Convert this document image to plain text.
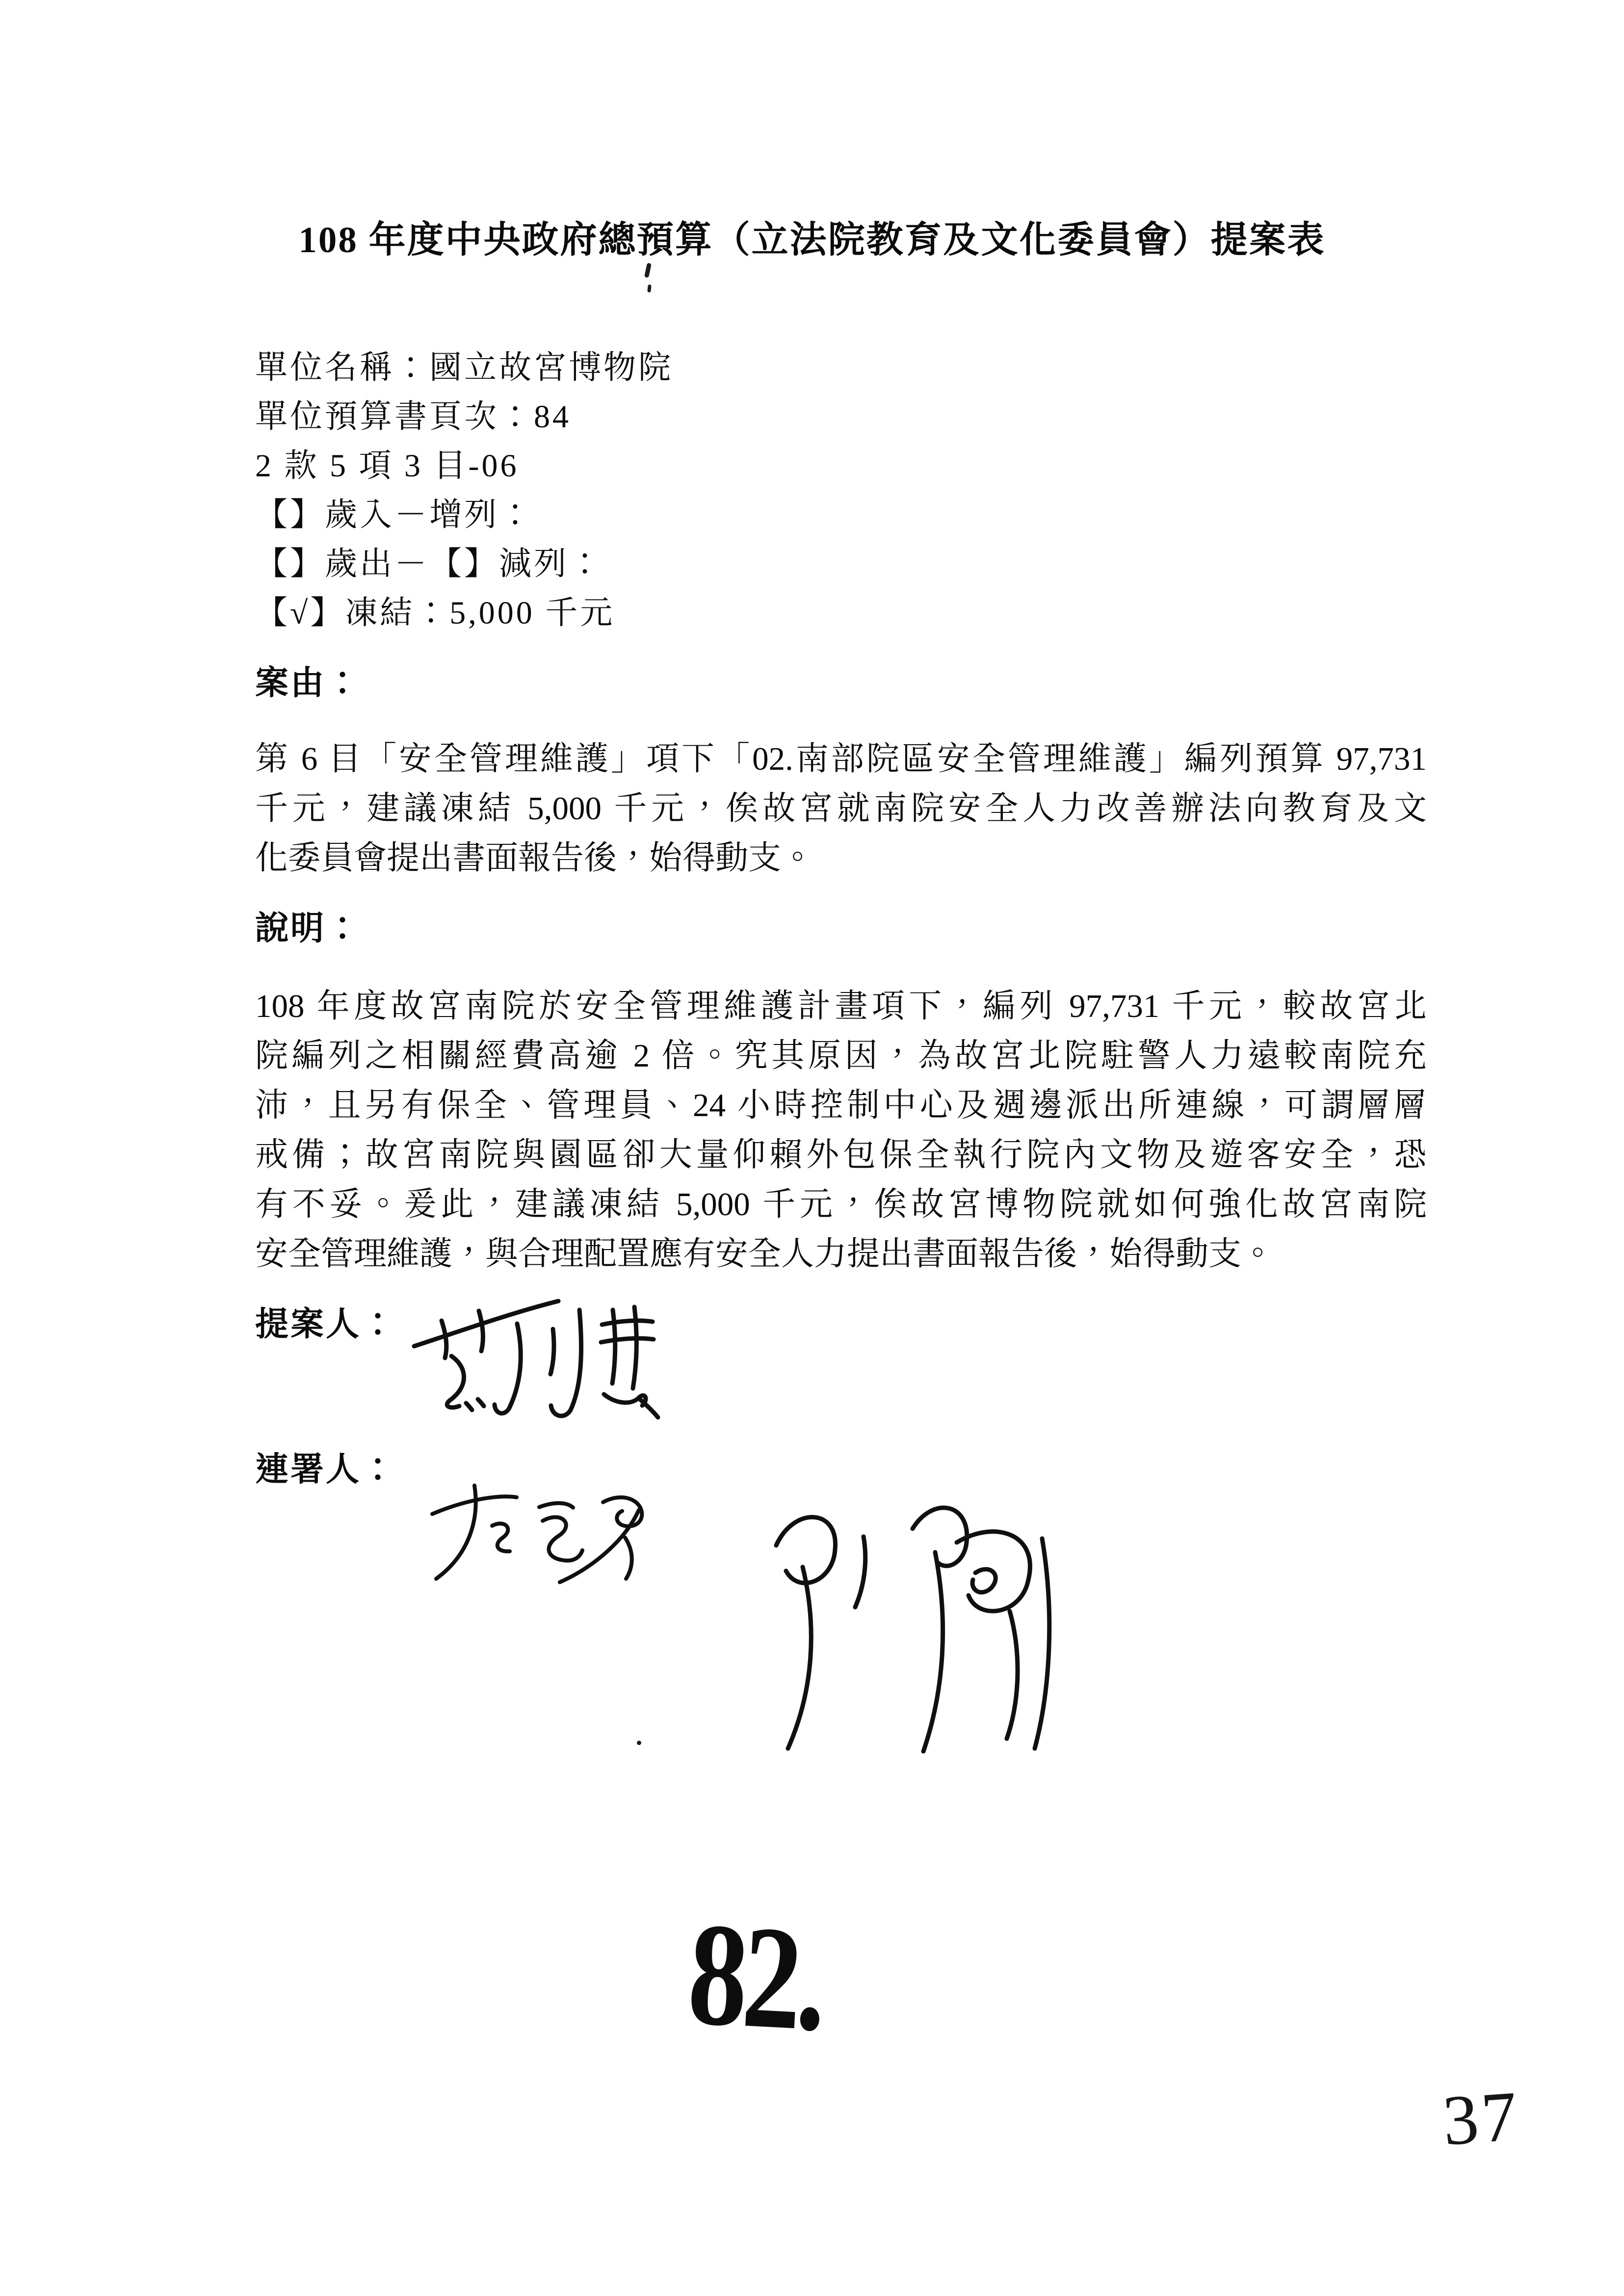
108 年度中央政府總預算（立法院教育及文化委員會）提案表
單位名稱：國立故宮博物院
單位預算書頁次：84
2 款 5 項 3 目-06
【】歲入－增列：
【】歲出－【】減列：
【√】凍結：5,000 千元
案由：
第 6 目「安全管理維護」項下「02.南部院區安全管理維護」編列預算 97,731
千元，建議凍結 5,000 千元，俟故宮就南院安全人力改善辦法向教育及文
化委員會提出書面報告後，始得動支。
說明：
108 年度故宮南院於安全管理維護計畫項下，編列 97,731 千元，較故宮北
院編列之相關經費高逾 2 倍。究其原因，為故宮北院駐警人力遠較南院充
沛，且另有保全、管理員、24 小時控制中心及週邊派出所連線，可謂層層
戒備；故宮南院與園區卻大量仰賴外包保全執行院內文物及遊客安全，恐
有不妥。爰此，建議凍結 5,000 千元，俟故宮博物院就如何強化故宮南院
安全管理維護，與合理配置應有安全人力提出書面報告後，始得動支。
提案人：
連署人：
82.
37
